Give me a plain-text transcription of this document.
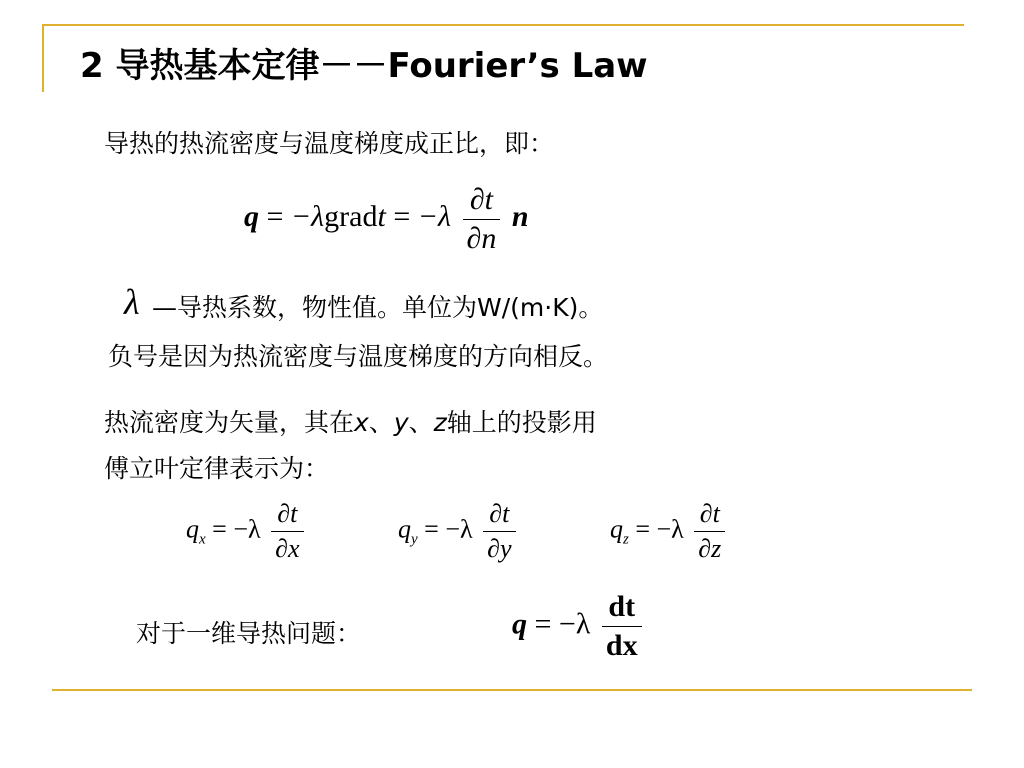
2 导热基本定律－－Fourier’s Law
导热的热流密度与温度梯度成正比，即：
q = −λgradt = $-\lambda \frac{\partial t}{\partial n}$ n
λ —导热系数，物性值。单位为W/(m·K)。
负号是因为热流密度与温度梯度的方向相反。
热流密度为矢量，其在x、y、z轴上的投影用
傅立叶定律表示为：
$q_x = -\lambda \frac{\partial t}{\partial x}$	$q_y = -\lambda \frac{\partial t}{\partial y}$	$q_z = -\lambda \frac{\partial t}{\partial z}$
对于一维导热问题：	$q = -\lambda \frac{dt}{dx}$
